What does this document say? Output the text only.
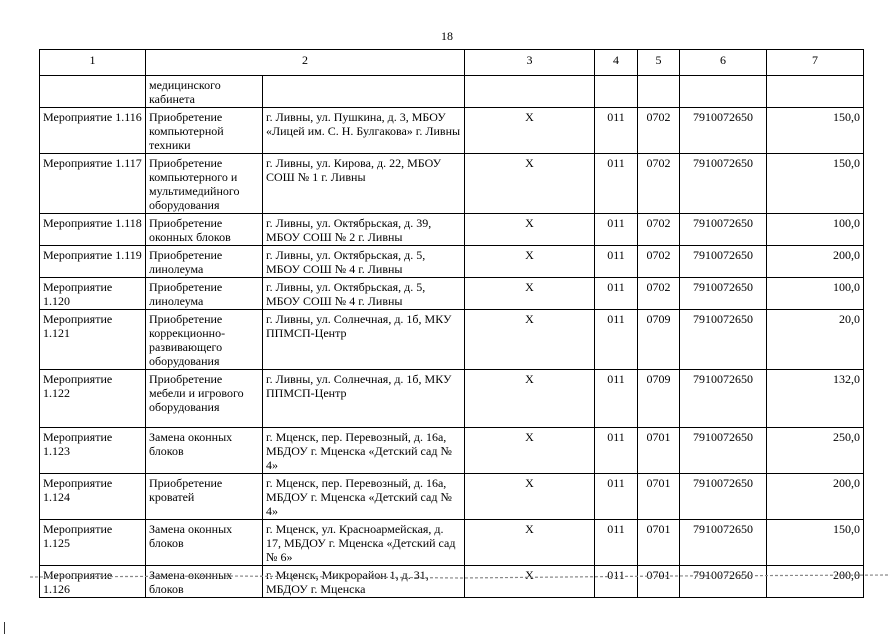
18
1	2		3	4	5	6	7
	медицинского кабинета						
Мероприятие 1.116	Приобретение компьютерной техники	г. Ливны, ул. Пушкина, д. 3, МБОУ «Лицей им. С. Н. Булгакова» г. Ливны	Х	011	0702	7910072650	150,0
Мероприятие 1.117	Приобретение компьютерного и мультимедийного оборудования	г. Ливны, ул. Кирова, д. 22, МБОУ СОШ № 1 г. Ливны	Х	011	0702	7910072650	150,0
Мероприятие 1.118	Приобретение оконных блоков	г. Ливны, ул. Октябрьская, д. 39, МБОУ СОШ № 2 г. Ливны	Х	011	0702	7910072650	100,0
Мероприятие 1.119	Приобретение линолеума	г. Ливны, ул. Октябрьская, д. 5, МБОУ СОШ № 4 г. Ливны	Х	011	0702	7910072650	200,0
Мероприятие 1.120	Приобретение линолеума	г. Ливны, ул. Октябрьская, д. 5, МБОУ СОШ № 4 г. Ливны	Х	011	0702	7910072650	100,0
Мероприятие 1.121	Приобретение коррекционно-развивающего оборудования	г. Ливны, ул. Солнечная, д. 1б, МКУ ППМСП-Центр	Х	011	0709	7910072650	20,0
Мероприятие 1.122	Приобретение мебели и игрового оборудования	г. Ливны, ул. Солнечная, д. 1б, МКУ ППМСП-Центр	Х	011	0709	7910072650	132,0
Мероприятие 1.123	Замена оконных блоков	г. Мценск, пер. Перевозный, д. 16а, МБДОУ г. Мценска «Детский сад № 4»	Х	011	0701	7910072650	250,0
Мероприятие 1.124	Приобретение кроватей	г. Мценск, пер. Перевозный, д. 16а, МБДОУ г. Мценска «Детский сад № 4»	Х	011	0701	7910072650	200,0
Мероприятие 1.125	Замена оконных блоков	г. Мценск, ул. Красноармейская, д. 17, МБДОУ г. Мценска «Детский сад № 6»	Х	011	0701	7910072650	150,0
Мероприятие 1.126	Замена оконных блоков	г. Мценск, Микрорайон 1, д. 31, МБДОУ г. Мценска	Х	011	0701	7910072650	200,0
